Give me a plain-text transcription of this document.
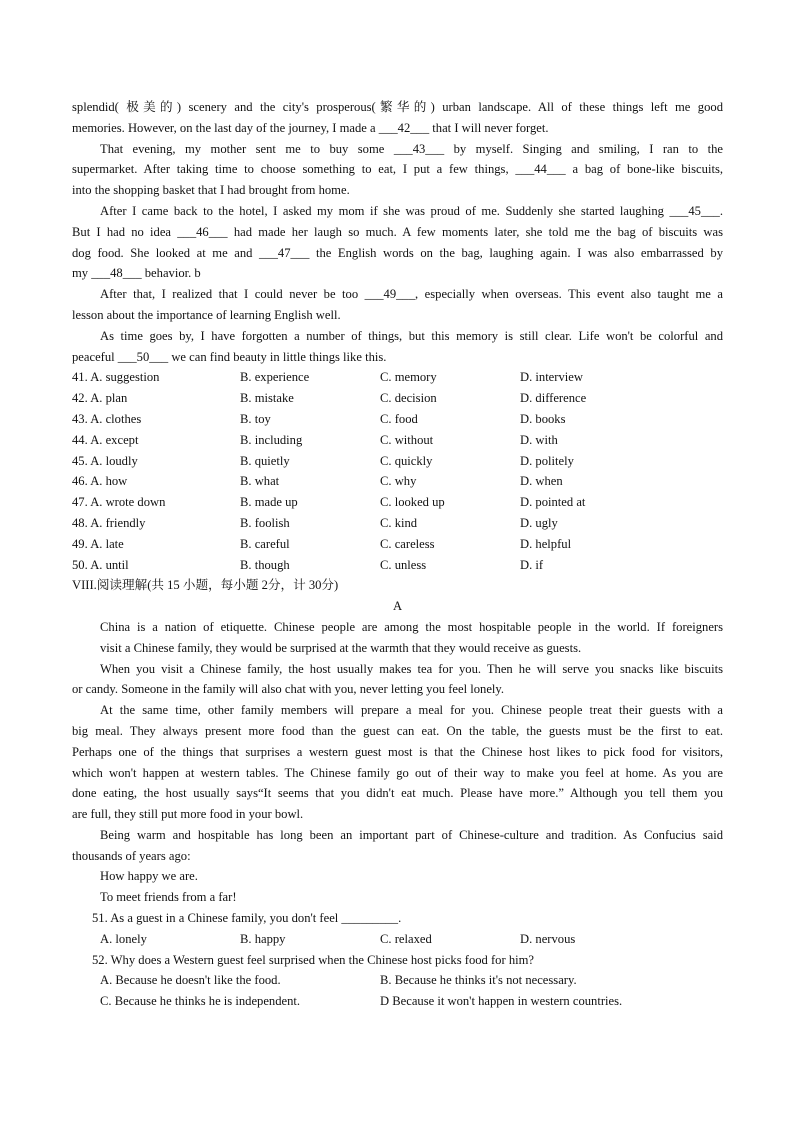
splendid( 极美的) scenery and the city's prosperous(繁华的) urban landscape. All of these things left me good
memories. However, on the last day of the journey, I made a ___42___ that I will never forget.
That evening, my mother sent me to buy some ___43___ by myself. Singing and smiling, I ran to the
supermarket. After taking time to choose something to eat, I put a few things, ___44___ a bag of bone-like biscuits,
into the shopping basket that I had brought from home.
After I came back to the hotel, I asked my mom if she was proud of me. Suddenly she started laughing ___45___.
But I had no idea ___46___ had made her laugh so much. A few moments later, she told me the bag of biscuits was
dog food. She looked at me and ___47___ the English words on the bag, laughing again. I was also embarrassed by
my ___48___ behavior. b
After that, I realized that I could never be too ___49___, especially when overseas. This event also taught me a
lesson about the importance of learning English well.
As time goes by, I have forgotten a number of things, but this memory is still clear. Life won't be colorful and
peaceful ___50___ we can find beauty in little things like this.
41. A. suggestion	B. experience	C. memory	D. interview
42. A. plan	B. mistake	C. decision	D. difference
43. A. clothes	B. toy	C. food	D. books
44. A. except	B. including	C. without	D. with
45. A. loudly	B. quietly	C. quickly	D. politely
46. A. how	B. what	C. why	D. when
47. A. wrote down	B. made up	C. looked up	D. pointed at
48. A. friendly	B. foolish	C. kind	D. ugly
49. A. late	B. careful	C. careless	D. helpful
50. A. until	B. though	C. unless	D. if
VIII.阅读理解(共 15 小题，每小题 2分，计 30分)
A
China is a nation of etiquette. Chinese people are among the most hospitable people in the world. If foreigners
visit a Chinese family, they would be surprised at the warmth that they would receive as guests.
When you visit a Chinese family, the host usually makes tea for you. Then he will serve you snacks like biscuits
or candy. Someone in the family will also chat with you, never letting you feel lonely.
At the same time, other family members will prepare a meal for you. Chinese people treat their guests with a
big meal. They always present more food than the guest can eat. On the table, the guests must be the first to eat.
Perhaps one of the things that surprises a western guest most is that the Chinese host likes to pick food for visitors,
which won't happen at western tables. The Chinese family go out of their way to make you feel at home. As you are
done eating, the host usually says“It seems that you didn't eat much. Please have more.” Although you tell them you
are full, they still put more food in your bowl.
Being warm and hospitable has long been an important part of Chinese-culture and tradition. As Confucius said
thousands of years ago:
How happy we are.
To meet friends from a far!
51. As a guest in a Chinese family, you don't feel _________.
A. lonely	B. happy	C. relaxed	D. nervous
52. Why does a Western guest feel surprised when the Chinese host picks food for him?
A. Because he doesn't like the food.	B. Because he thinks it's not necessary.
C. Because he thinks he is independent.	D Because it won't happen in western countries.
